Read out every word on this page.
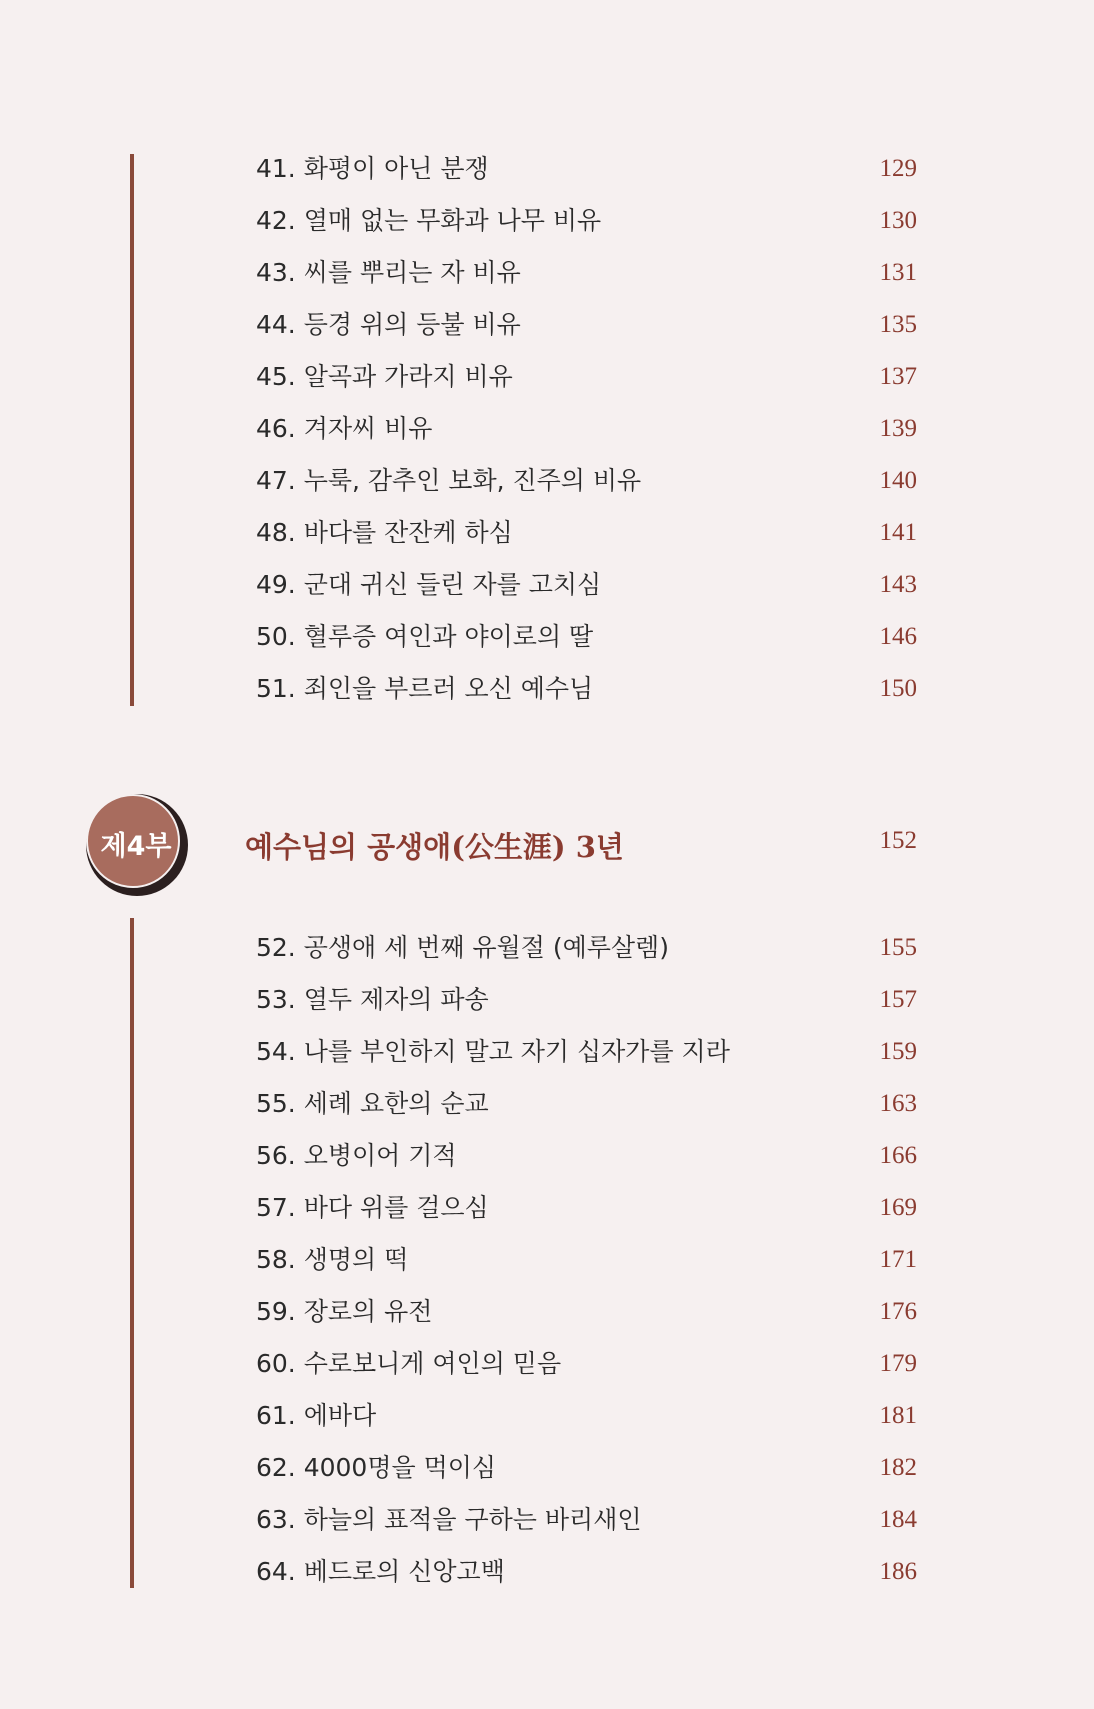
41. 화평이 아닌 분쟁	129
42. 열매 없는 무화과 나무 비유	130
43. 씨를 뿌리는 자 비유	131
44. 등경 위의 등불 비유	135
45. 알곡과 가라지 비유	137
46. 겨자씨 비유	139
47. 누룩, 감추인 보화, 진주의 비유	140
48. 바다를 잔잔케 하심	141
49. 군대 귀신 들린 자를 고치심	143
50. 혈루증 여인과 야이로의 딸	146
51. 죄인을 부르러 오신 예수님	150
제4부	예수님의 공생애(公生涯) 3년	152
52. 공생애 세 번째 유월절 (예루살렘)	155
53. 열두 제자의 파송	157
54. 나를 부인하지 말고 자기 십자가를 지라	159
55. 세례 요한의 순교	163
56. 오병이어 기적	166
57. 바다 위를 걸으심	169
58. 생명의 떡	171
59. 장로의 유전	176
60. 수로보니게 여인의 믿음	179
61. 에바다	181
62. 4000명을 먹이심	182
63. 하늘의 표적을 구하는 바리새인	184
64. 베드로의 신앙고백	186
